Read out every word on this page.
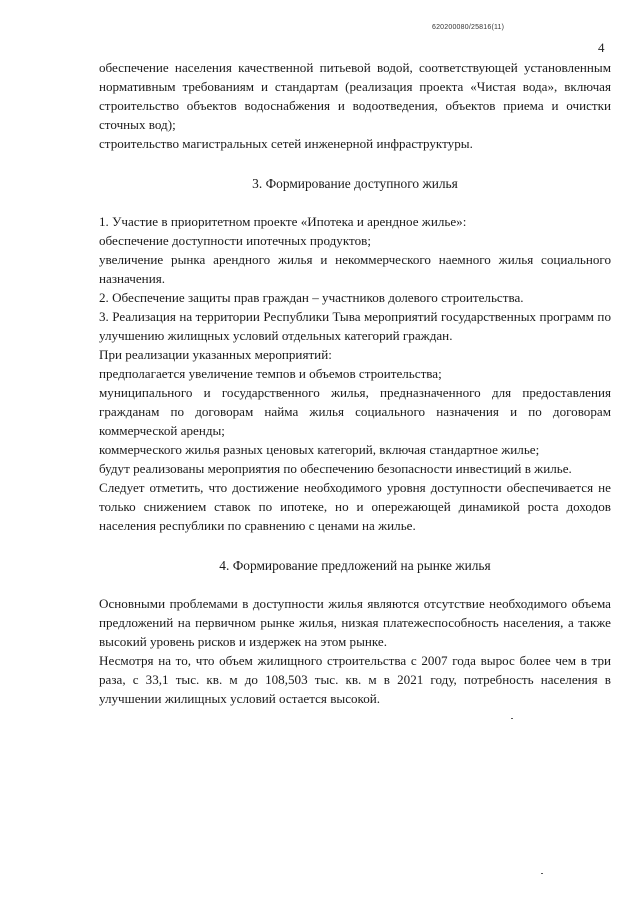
620200080/25816(11)
4

обеспечение населения качественной питьевой водой, соответствующей установленным нормативным требованиям и стандартам (реализация проекта «Чистая вода», включая строительство объектов водоснабжения и водоотведения, объектов приема и очистки сточных вод);

строительство магистральных сетей инженерной инфраструктуры.

3. Формирование доступного жилья

1. Участие в приоритетном проекте «Ипотека и арендное жилье»:

обеспечение доступности ипотечных продуктов;

увеличение рынка арендного жилья и некоммерческого наемного жилья социального назначения.

2. Обеспечение защиты прав граждан – участников долевого строительства.

3. Реализация на территории Республики Тыва мероприятий государственных программ по улучшению жилищных условий отдельных категорий граждан.

При реализации указанных мероприятий:

предполагается увеличение темпов и объемов строительства;

муниципального и государственного жилья, предназначенного для предоставления гражданам по договорам найма жилья социального назначения и по договорам коммерческой аренды;

коммерческого жилья разных ценовых категорий, включая стандартное жилье;

будут реализованы мероприятия по обеспечению безопасности инвестиций в жилье.

Следует отметить, что достижение необходимого уровня доступности обеспечивается не только снижением ставок по ипотеке, но и опережающей динамикой роста доходов населения республики по сравнению с ценами на жилье.

4. Формирование предложений на рынке жилья

Основными проблемами в доступности жилья являются отсутствие необходимого объема предложений на первичном рынке жилья, низкая платежеспособность населения, а также высокий уровень рисков и издержек на этом рынке.

Несмотря на то, что объем жилищного строительства с 2007 года вырос более чем в три раза, с 33,1 тыс. кв. м до 108,503 тыс. кв. м в 2021 году, потребность населения в улучшении жилищных условий остается высокой.
